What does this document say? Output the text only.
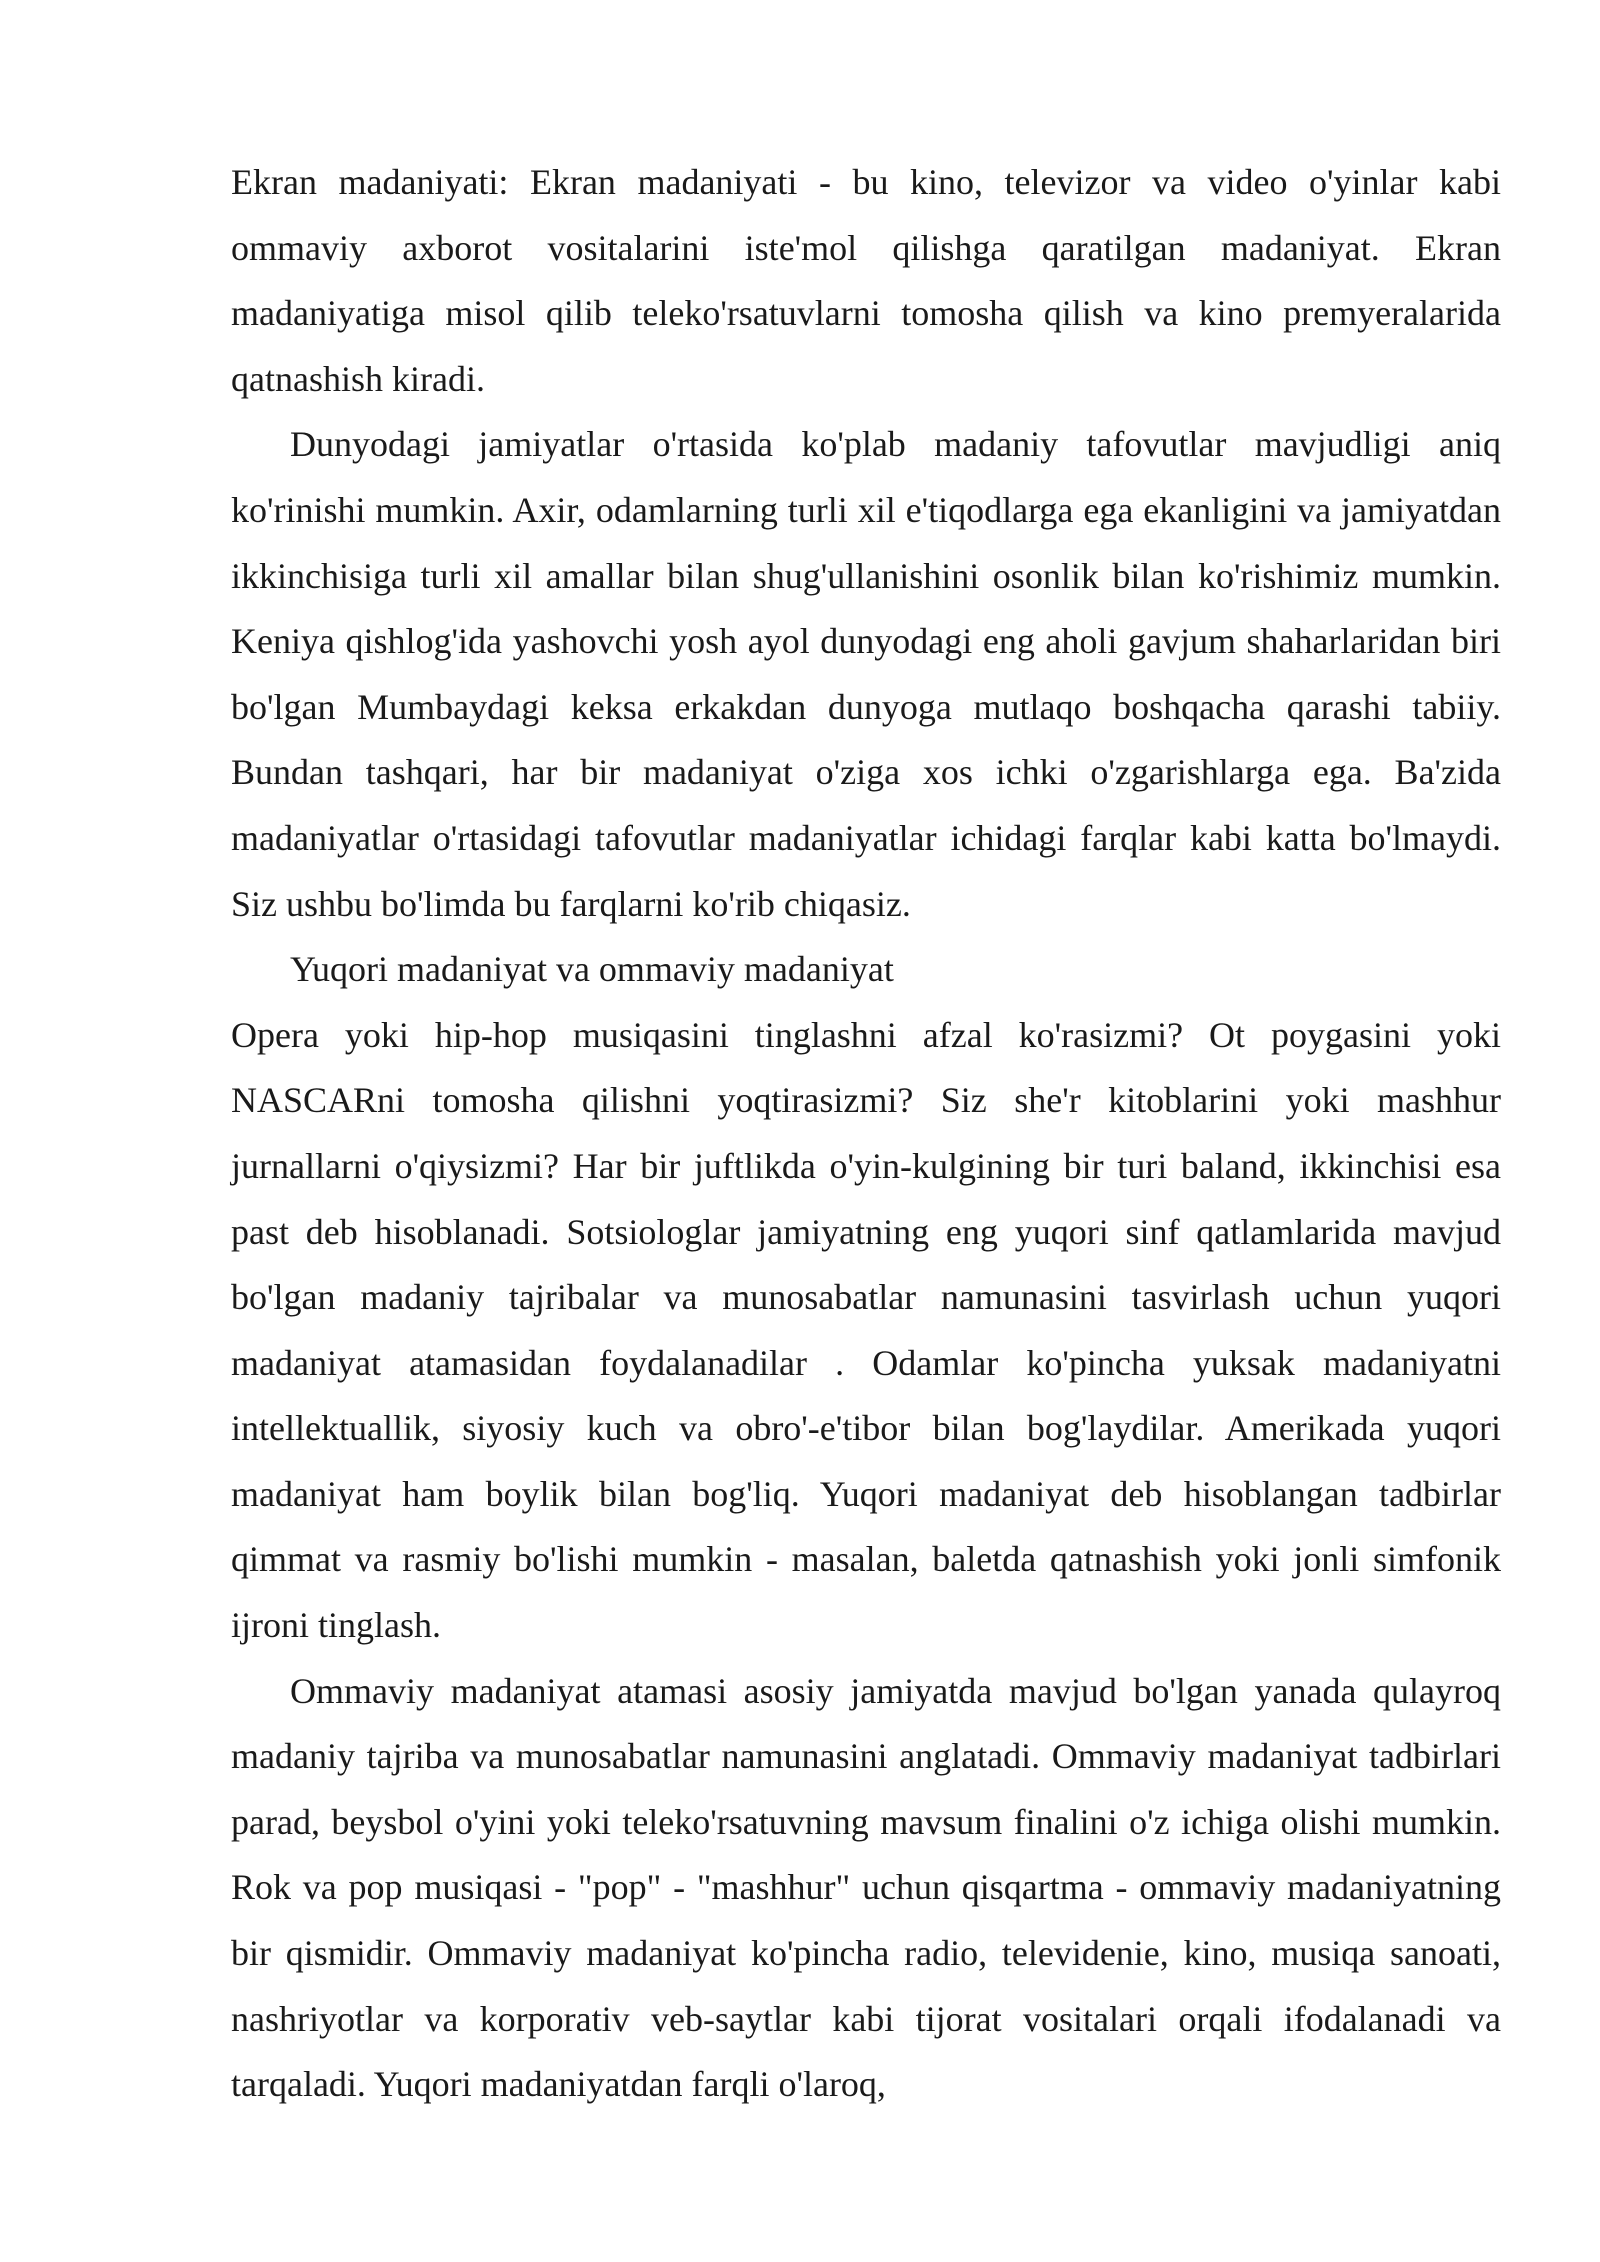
Ekran madaniyati: Ekran madaniyati - bu kino, televizor va video o'yinlar kabi ommaviy axborot vositalarini iste'mol qilishga qaratilgan madaniyat. Ekran madaniyatiga misol qilib teleko'rsatuvlarni tomosha qilish va kino premyeralarida qatnashish kiradi.

Dunyodagi jamiyatlar o'rtasida ko'plab madaniy tafovutlar mavjudligi aniq ko'rinishi mumkin. Axir, odamlarning turli xil e'tiqodlarga ega ekanligini va jamiyatdan ikkinchisiga turli xil amallar bilan shug'ullanishini osonlik bilan ko'rishimiz mumkin. Keniya qishlog'ida yashovchi yosh ayol dunyodagi eng aholi gavjum shaharlaridan biri bo'lgan Mumbaydagi keksa erkakdan dunyoga mutlaqo boshqacha qarashi tabiiy. Bundan tashqari, har bir madaniyat o'ziga xos ichki o'zgarishlarga ega. Ba'zida madaniyatlar o'rtasidagi tafovutlar madaniyatlar ichidagi farqlar kabi katta bo'lmaydi. Siz ushbu bo'limda bu farqlarni ko'rib chiqasiz.

Yuqori madaniyat va ommaviy madaniyat

Opera yoki hip-hop musiqasini tinglashni afzal ko'rasizmi? Ot poygasini yoki NASCARni tomosha qilishni yoqtirasizmi? Siz she'r kitoblarini yoki mashhur jurnallarni o'qiysizmi? Har bir juftlikda o'yin-kulgining bir turi baland, ikkinchisi esa past deb hisoblanadi. Sotsiologlar jamiyatning eng yuqori sinf qatlamlarida mavjud bo'lgan madaniy tajribalar va munosabatlar namunasini tasvirlash uchun yuqori madaniyat atamasidan foydalanadilar . Odamlar ko'pincha yuksak madaniyatni intellektuallik, siyosiy kuch va obro'-e'tibor bilan bog'laydilar. Amerikada yuqori madaniyat ham boylik bilan bog'liq. Yuqori madaniyat deb hisoblangan tadbirlar qimmat va rasmiy bo'lishi mumkin - masalan, baletda qatnashish yoki jonli simfonik ijroni tinglash.

Ommaviy madaniyat atamasi asosiy jamiyatda mavjud bo'lgan yanada qulayroq madaniy tajriba va munosabatlar namunasini anglatadi. Ommaviy madaniyat tadbirlari parad, beysbol o'yini yoki teleko'rsatuvning mavsum finalini o'z ichiga olishi mumkin. Rok va pop musiqasi - "pop" - "mashhur" uchun qisqartma - ommaviy madaniyatning bir qismidir. Ommaviy madaniyat ko'pincha radio, televidenie, kino, musiqa sanoati, nashriyotlar va korporativ veb-saytlar kabi tijorat vositalari orqali ifodalanadi va tarqaladi. Yuqori madaniyatdan farqli o'laroq,
